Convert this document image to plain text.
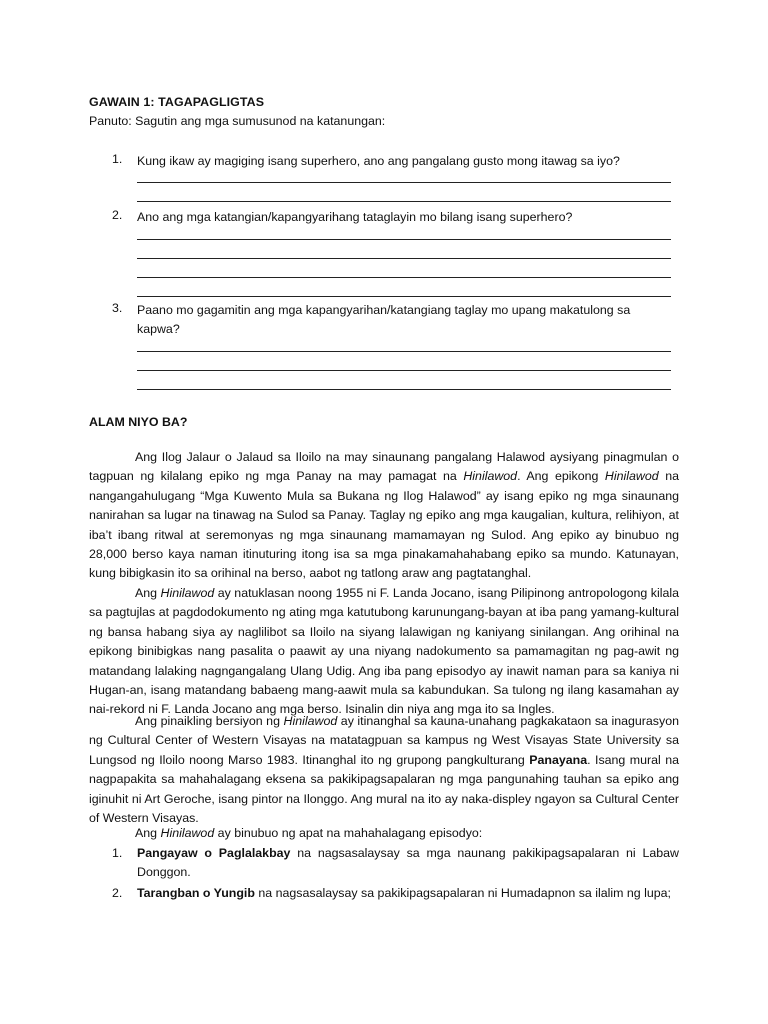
GAWAIN 1: TAGAPAGLIGTAS
Panuto: Sagutin ang mga sumusunod na katanungan:
1. Kung ikaw ay magiging isang superhero, ano ang pangalang gusto mong itawag sa iyo?
2. Ano ang mga katangian/kapangyarihang tataglayin mo bilang isang superhero?
3. Paano mo gagamitin ang mga kapangyarihan/katangiang taglay mo upang makatulong sa kapwa?
ALAM NIYO BA?

Ang Ilog Jalaur o Jalaud sa Iloilo na may sinaunang pangalang Halawod aysiyang pinagmulan o tagpuan ng kilalang epiko ng mga Panay na may pamagat na Hinilawod. Ang epikong Hinilawod na nangangahulugang “Mga Kuwento Mula sa Bukana ng Ilog Halawod” ay isang epiko ng mga sinaunang nanirahan sa lugar na tinawag na Sulod sa Panay. Taglay ng epiko ang mga kaugalian, kultura, relihiyon, at iba’t ibang ritwal at seremonyas ng mga sinaunang mamamayan ng Sulod. Ang epiko ay binubuo ng 28,000 berso kaya naman itinuturing itong isa sa mga pinakamahahabang epiko sa mundo. Katunayan, kung bibigkasin ito sa orihinal na berso, aabot ng tatlong araw ang pagtatanghal.

Ang Hinilawod ay natuklasan noong 1955 ni F. Landa Jocano, isang Pilipinong antropologong kilala sa pagtujlas at pagdodokumento ng ating mga katutubong karunungang-bayan at iba pang yamang-kultural ng bansa habang siya ay naglilibot sa Iloilo na siyang lalawigan ng kaniyang sinilangan. Ang orihinal na epikong binibigkas nang pasalita o paawit ay una niyang nadokumento sa pamamagitan ng pag-awit ng matandang lalaking nagngangalang Ulang Udig. Ang iba pang episodyo ay inawit naman para sa kaniya ni Hugan-an, isang matandang babaeng mang-aawit mula sa kabundukan. Sa tulong ng ilang kasamahan ay nai-rekord ni F. Landa Jocano ang mga berso. Isinalin din niya ang mga ito sa Ingles.

Ang pinaikling bersiyon ng Hinilawod ay itinanghal sa kauna-unahang pagkakataon sa inagurasyon ng Cultural Center of Western Visayas na matatagpuan sa kampus ng West Visayas State University sa Lungsod ng Iloilo noong Marso 1983. Itinanghal ito ng grupong pangkulturang Panayana. Isang mural na nagpapakita sa mahahalagang eksena sa pakikipagsapalaran ng mga pangunahing tauhan sa epiko ang iginuhit ni Art Geroche, isang pintor na Ilonggo. Ang mural na ito ay naka-displey ngayon sa Cultural Center of Western Visayas.

Ang Hinilawod ay binubuo ng apat na mahahalagang episodyo:

1. Pangayaw o Paglalakbay na nagsasalaysay sa mga naunang pakikipagsapalaran ni Labaw Donggon.
2. Tarangban o Yungib na nagsasalaysay sa pakikipagsapalaran ni Humadapnon sa ilalim ng lupa;
